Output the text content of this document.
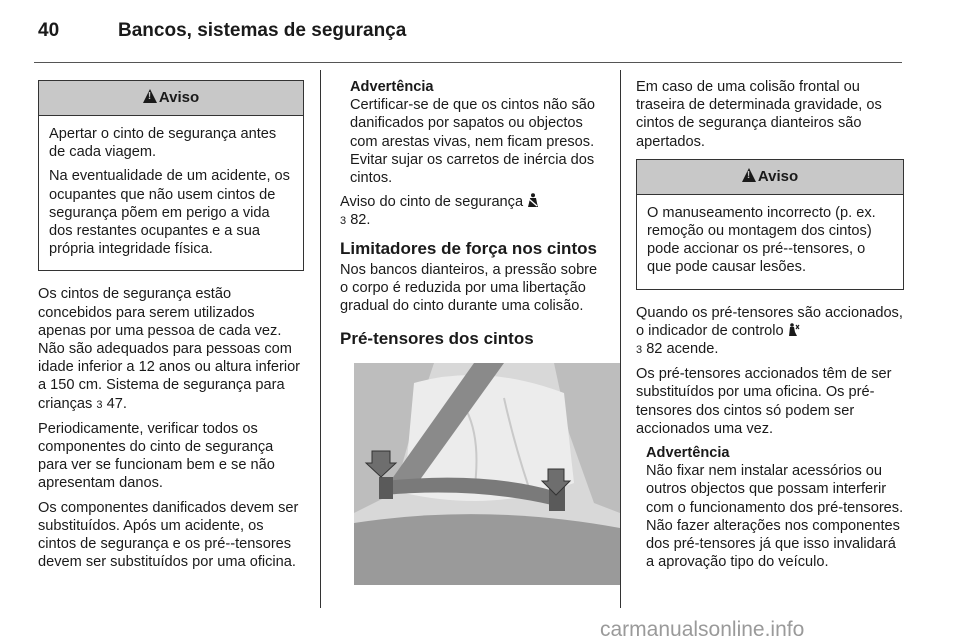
40	Bancos, sistemas de segurança
!Aviso

Apertar o cinto de segurança antes de cada viagem.

Na eventualidade de um acidente, os ocupantes que não usem cintos de segurança põem em perigo a vida dos restantes ocupantes e a sua própria integridade física.

Os cintos de segurança estão concebidos para serem utilizados apenas por uma pessoa de cada vez. Não são adequados para pessoas com idade inferior a 12 anos ou altura inferior a 150 cm. Sistema de segurança para crianças 3 47.

Periodicamente, verificar todos os componentes do cinto de segurança para ver se funcionam bem e se não apresentam danos.

Os componentes danificados devem ser substituídos. Após um acidente, os cintos de segurança e os pré--tensores devem ser substituídos por uma oficina.

Advertência
Certificar-se de que os cintos não são danificados por sapatos ou objectos com arestas vivas, nem ficam presos. Evitar sujar os carretos de inércia dos cintos.

Aviso do cinto de segurança
3 82.

Limitadores de força nos cintos

Nos bancos dianteiros, a pressão sobre o corpo é reduzida por uma libertação gradual do cinto durante uma colisão.

Pré-tensores dos cintos

Em caso de uma colisão frontal ou traseira de determinada gravidade, os cintos de segurança dianteiros são apertados.

!Aviso

O manuseamento incorrecto (p. ex. remoção ou montagem dos cintos) pode accionar os pré--tensores, o que pode causar lesões.

Quando os pré-tensores são accionados, o indicador de controlo
3 82 acende.

Os pré-tensores accionados têm de ser substituídos por uma oficina. Os pré-tensores dos cintos só podem ser accionados uma vez.

Advertência
Não fixar nem instalar acessórios ou outros objectos que possam interferir com o funcionamento dos pré-tensores. Não fazer alterações nos componentes dos pré-tensores já que isso invalidará a aprovação tipo do veículo.
carmanualsonline.info
